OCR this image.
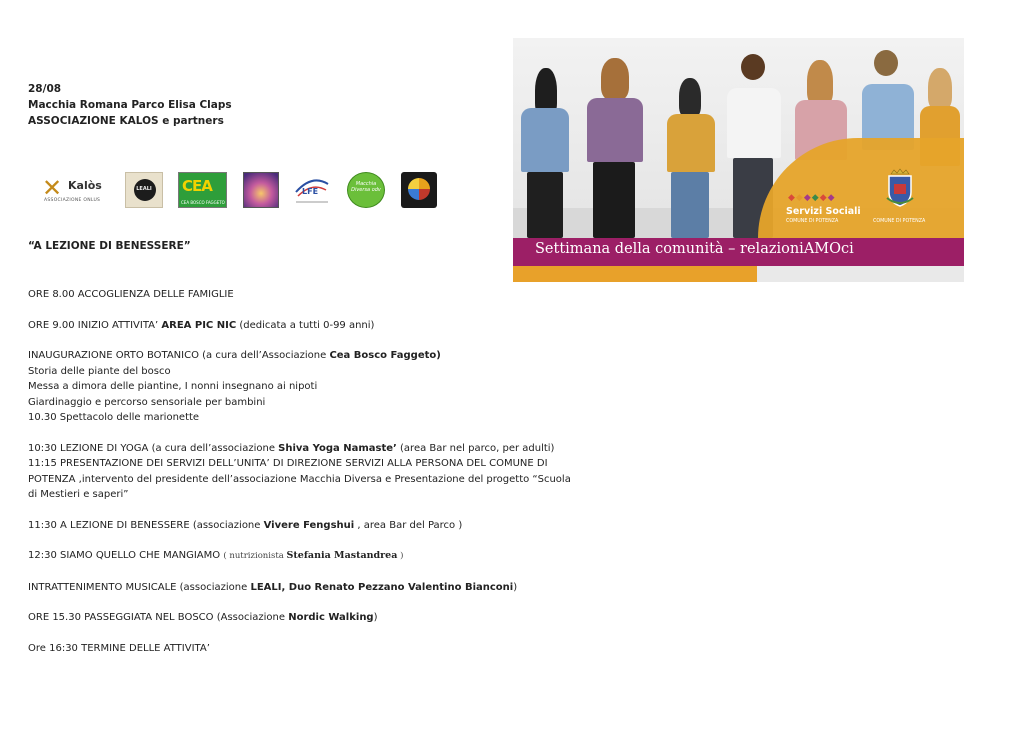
28/08
Macchia Romana Parco Elisa Claps
ASSOCIAZIONE KALOS e partners
✕ Kalòs
ASSOCIAZIONE ONLUS
LEALI	CEA
CEA BOSCO FAGGETO
LFE
Macchia Diversa odv
“A LEZIONE DI BENESSERE”
ORE 8.00 ACCOGLIENZA DELLE FAMIGLIE
ORE 9.00 INIZIO ATTIVITA’ AREA PIC NIC (dedicata a tutti 0-99 anni)
INAUGURAZIONE ORTO BOTANICO (a cura dell’Associazione Cea Bosco Faggeto)
Storia delle piante del bosco
Messa a dimora delle piantine, I nonni insegnano ai nipoti
Giardinaggio e percorso sensoriale per bambini
10.30 Spettacolo delle marionette
10:30 LEZIONE DI YOGA (a cura dell’associazione Shiva Yoga Namaste’ (area Bar nel parco, per adulti)
11:15 PRESENTAZIONE DEI SERVIZI DELL’UNITA’ DI DIREZIONE SERVIZI ALLA PERSONA DEL COMUNE DI
POTENZA ,intervento del presidente dell’associazione Macchia Diversa e Presentazione del progetto “Scuola
di Mestieri e saperi”
11:30 A LEZIONE DI BENESSERE (associazione Vivere Fengshui , area Bar del Parco )
12:30 SIAMO QUELLO CHE MANGIAMO ( nutrizionista Stefania Mastandrea )
INTRATTENIMENTO MUSICALE (associazione LEALI, Duo Renato Pezzano Valentino Bianconi)
ORE 15.30 PASSEGGIATA NEL BOSCO (Associazione Nordic Walking)
Ore 16:30 TERMINE DELLE ATTIVITA’
◆◆◆◆◆◆
Servizi Sociali
COMUNE DI POTENZA	COMUNE DI POTENZA
Settimana della comunità – relazioniAMOci
